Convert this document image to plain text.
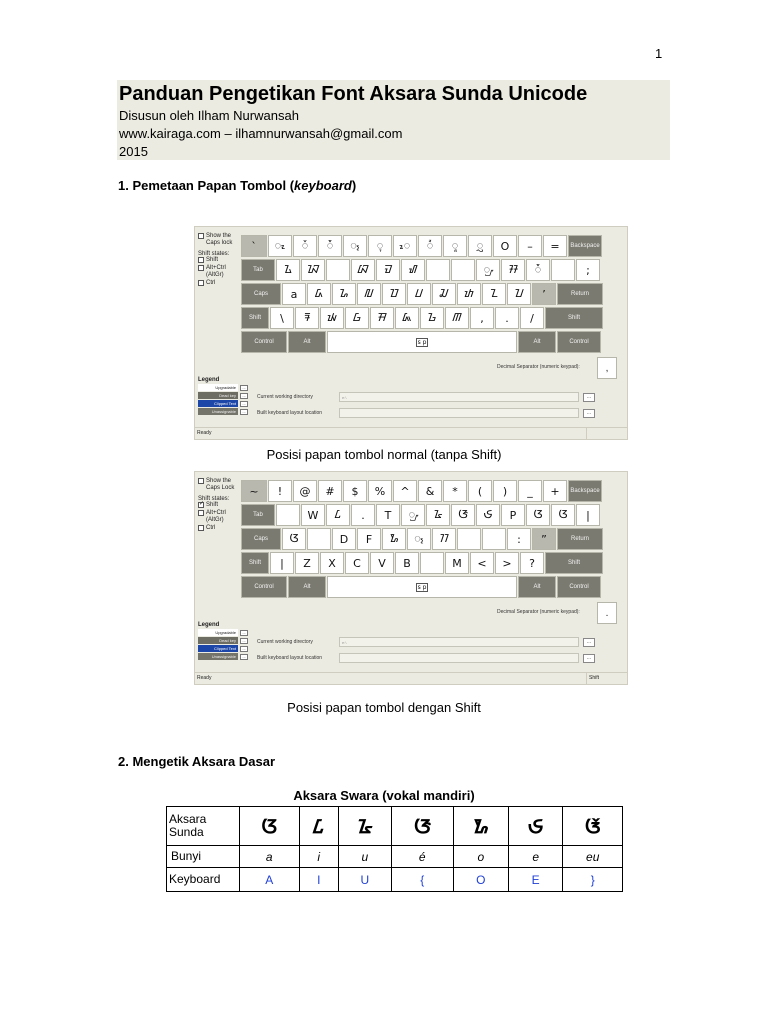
1
Panduan Pengetikan Font Aksara Sunda Unicode
Disusun oleh Ilham Nurwansah
www.kairaga.com – ilhamnurwansah@gmail.com
2015
1. Pemetaan Papan Tombol (keyboard)
Show the Caps lock
Shift states:
Shift
Alt+Ctrl (AltGr)
Ctrl
`	ᮧ	ᮨ	ᮩ	᮪	ᮥ	ᮦ	ᮤ	ᮣ	ᮢ	O	–	=	Backspace
Tab	ᮍ	ᮑ	ᮘ	ᮙ	ᮠ	ᮡ	ᮞ	ᮩ	;
Caps	a	ᮓ	ᮐ	ᮜ	ᮕ	ᮗ	ᮎ	ᮒ	ᮔ	ᮖ	’	Return
Shift	\	ᮛ	ᮚ	ᮝ	ᮟ	ᮏ	ᮌ	ᮋ	,	.	/	Shift
Control	Alt	s p	Alt	Control
Decimal Separator (numeric keypad):	,
Legend
Upgradable	...
Dead key	...
Clipped Text	...
Unassignable	...
Current working directory	e:\	...
Built keyboard layout location	...
Ready
Posisi papan tombol normal (tanpa Shift)
Show the Caps Lock
Shift states:
✓
Shift
Alt+Ctrl (AltGr)
Ctrl
~	!	@	#	$	%	^	&	*	(	)	_	+	Backspace
Tab	W	ᮄ	.	T	ᮡ	ᮅ	ᮆ	ᮈ	P	ᮃ	ᮃ	|
Caps	ᮃ	D	F	ᮇ	᮪	ᮊ	:	”	Return
Shift	|	Z	X	C	V	B	M	<	>	?	Shift
Control	Alt	s p	Alt	Control
Decimal Separator (numeric keypad):	.
Legend
Upgradable	...
Dead key	...
Clipped Text	...
Unassignable	...
Current working directory	e:\	...
Built keyboard layout location	...
Ready	Shift
Posisi papan tombol dengan Shift
2. Mengetik Aksara Dasar
Aksara Swara (vokal mandiri)
Aksara Sunda	ᮃ	ᮄ	ᮅ	ᮆ	ᮇ	ᮈ	ᮉ
Bunyi	a	i	u	é	o	e	eu
Keyboard	A	I	U	{	O	E	}
